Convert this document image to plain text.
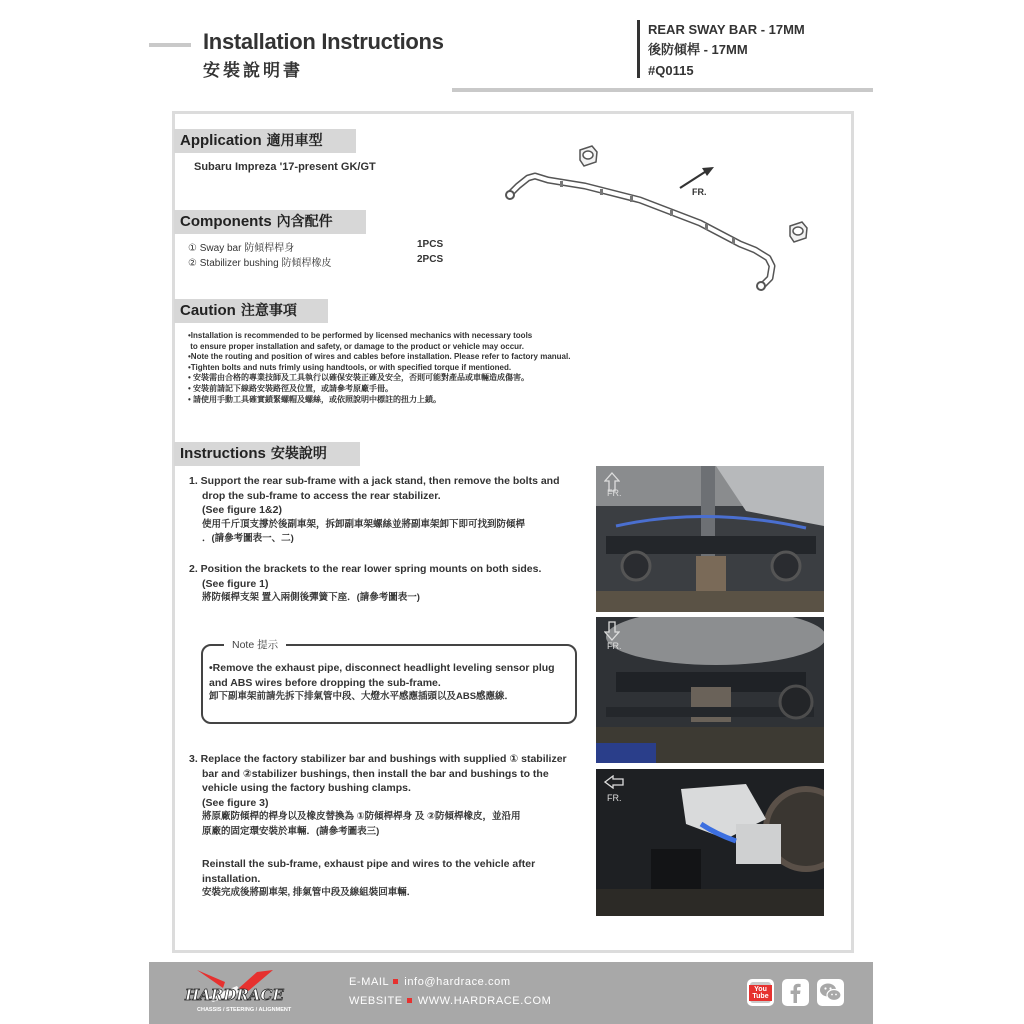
Installation Instructions
安裝說明書
REAR SWAY BAR - 17MM
後防傾桿 - 17MM
#Q0115
Application 適用車型
Subaru Impreza '17-present GK/GT
FR.
Components 內含配件
① Sway bar 防傾桿桿身	1PCS
② Stabilizer bushing 防傾桿橡皮	2PCS
Caution 注意事項
•Installation is recommended to be performed by licensed mechanics with necessary tools
to ensure proper installation and safety, or damage to the product or vehicle may occur.
•Note the routing and position of wires and cables before installation. Please refer to factory manual.
•Tighten bolts and nuts frimly using handtools, or with specified torque if mentioned.
• 安裝需由合格的專業技師及工具執行以確保安裝正確及安全，否則可能對產品或車輛造成傷害。
• 安裝前請記下線路安裝路徑及位置，或請參考原廠手冊。
• 請使用手動工具確實鎖緊螺帽及螺絲，或依照說明中標註的扭力上鎖。
Instructions 安裝說明
1. Support the rear sub-frame with a jack stand, then remove the bolts and
drop the sub-frame to access the rear stabilizer.
(See figure 1&2)
使用千斤頂支撐於後副車架，拆卸副車架螺絲並將副車架卸下即可找到防傾桿
．(請參考圖表一、二)
2. Position the brackets to the rear lower spring mounts on both sides.
(See figure 1)
將防傾桿支架 置入兩側後彈簧下座．(請參考圖表一)
Note 提示
•Remove the exhaust pipe, disconnect headlight leveling sensor plug
and ABS wires before dropping the sub-frame.
卸下副車架前請先拆下排氣管中段、大燈水平感應插頭以及ABS感應線．
3. Replace the factory stabilizer bar and bushings with supplied ① stabilizer
bar and ②stabilizer bushings, then install the bar and bushings to the
vehicle using the factory bushing clamps.
(See figure 3)
將原廠防傾桿的桿身以及橡皮替換為 ①防傾桿桿身 及 ②防傾桿橡皮，並沿用
原廠的固定環安裝於車輛．(請參考圖表三)
Reinstall the sub-frame, exhaust pipe and wires to the vehicle after
installation.
安裝完成後將副車架, 排氣管中段及線組裝回車輛．
FR.
FR.
FR.
HARDRACE
CHASSIS / STEERING / ALIGNMENT
E-MAIL info@hardrace.com
WEBSITE WWW.HARDRACE.COM
You Tube
